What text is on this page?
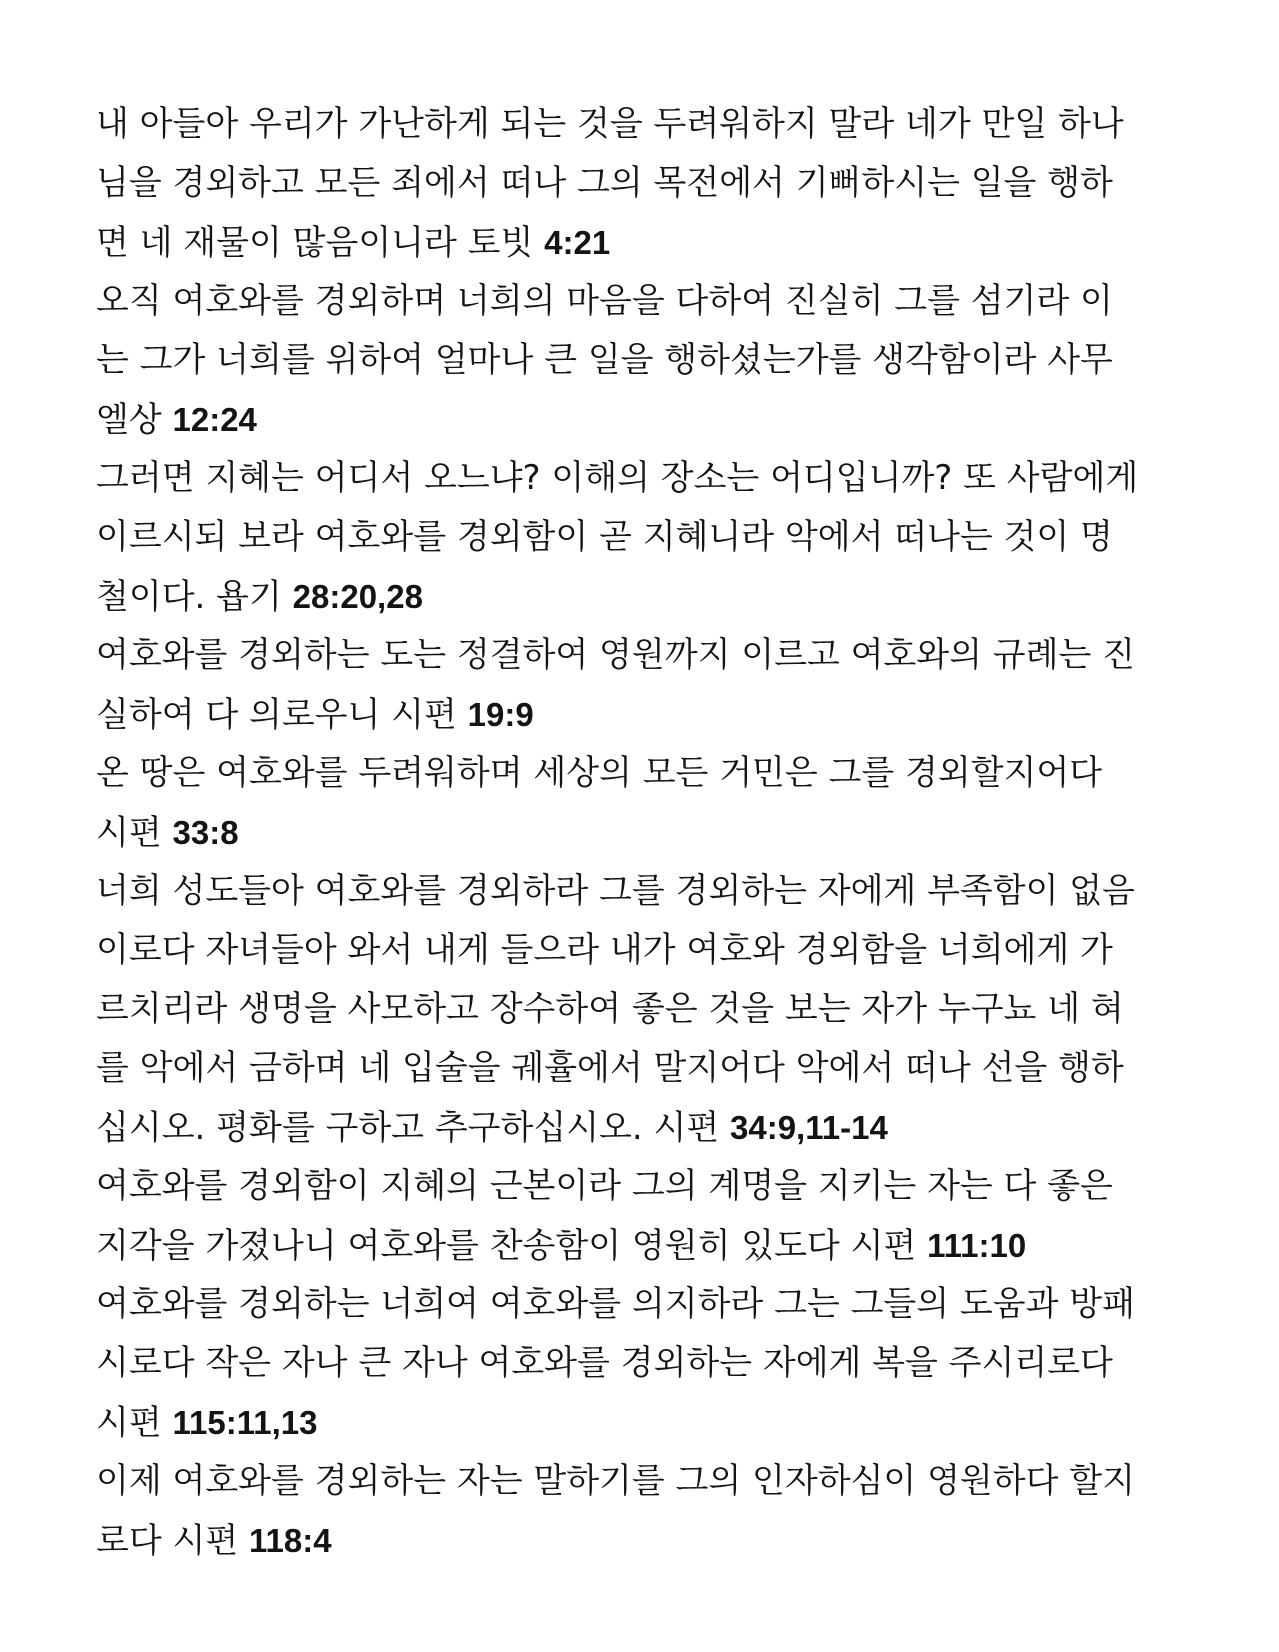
내 아들아 우리가 가난하게 되는 것을 두려워하지 말라 네가 만일 하나
님을 경외하고 모든 죄에서 떠나 그의 목전에서 기뻐하시는 일을 행하
면 네 재물이 많음이니라 토빗 4:21
오직 여호와를 경외하며 너희의 마음을 다하여 진실히 그를 섬기라 이
는 그가 너희를 위하여 얼마나 큰 일을 행하셨는가를 생각함이라 사무
엘상 12:24
그러면 지혜는 어디서 오느냐? 이해의 장소는 어디입니까? 또 사람에게
이르시되 보라 여호와를 경외함이 곧 지혜니라 악에서 떠나는 것이 명
철이다. 욥기 28:20,28
여호와를 경외하는 도는 정결하여 영원까지 이르고 여호와의 규례는 진
실하여 다 의로우니 시편 19:9
온 땅은 여호와를 두려워하며 세상의 모든 거민은 그를 경외할지어다
시편 33:8
너희 성도들아 여호와를 경외하라 그를 경외하는 자에게 부족함이 없음
이로다 자녀들아 와서 내게 들으라 내가 여호와 경외함을 너희에게 가
르치리라 생명을 사모하고 장수하여 좋은 것을 보는 자가 누구뇨 네 혀
를 악에서 금하며 네 입술을 궤휼에서 말지어다 악에서 떠나 선을 행하
십시오. 평화를 구하고 추구하십시오. 시편 34:9,11-14
여호와를 경외함이 지혜의 근본이라 그의 계명을 지키는 자는 다 좋은
지각을 가졌나니 여호와를 찬송함이 영원히 있도다 시편 111:10
여호와를 경외하는 너희여 여호와를 의지하라 그는 그들의 도움과 방패
시로다 작은 자나 큰 자나 여호와를 경외하는 자에게 복을 주시리로다
시편 115:11,13
이제 여호와를 경외하는 자는 말하기를 그의 인자하심이 영원하다 할지
로다 시편 118:4
